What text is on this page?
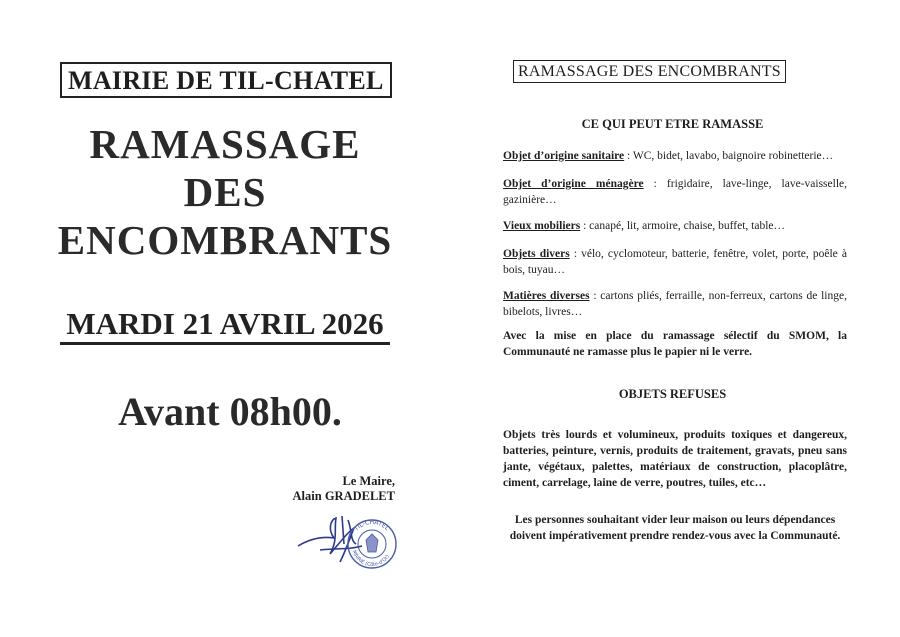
MAIRIE DE TIL-CHATEL
RAMASSAGE
DES
ENCOMBRANTS
MARDI 21 AVRIL 2026
Avant 08h00.
Le Maire,
Alain GRADELET
TIL-CHATEL
MAIRIE (Côte-d'Or)
RAMASSAGE DES ENCOMBRANTS
CE QUI PEUT ETRE RAMASSE
Objet d’origine sanitaire : WC, bidet, lavabo, baignoire robinetterie…
Objet d’origine ménagère : frigidaire, lave-linge, lave-vaisselle, gazinière…
Vieux mobiliers : canapé, lit, armoire, chaise, buffet, table…
Objets divers : vélo, cyclomoteur, batterie, fenêtre, volet, porte, poêle à bois, tuyau…
Matières diverses : cartons pliés, ferraille, non-ferreux, cartons de linge, bibelots, livres…
Avec la mise en place du ramassage sélectif du SMOM, la Communauté ne ramasse plus le papier ni le verre.
OBJETS REFUSES
Objets très lourds et volumineux, produits toxiques et dangereux, batteries, peinture, vernis, produits de traitement, gravats, pneu sans jante, végétaux, palettes, matériaux de construction, placoplâtre, ciment, carrelage, laine de verre, poutres, tuiles, etc…
Les personnes souhaitant vider leur maison ou leurs dépendances doivent impérativement prendre rendez-vous avec la Communauté.
